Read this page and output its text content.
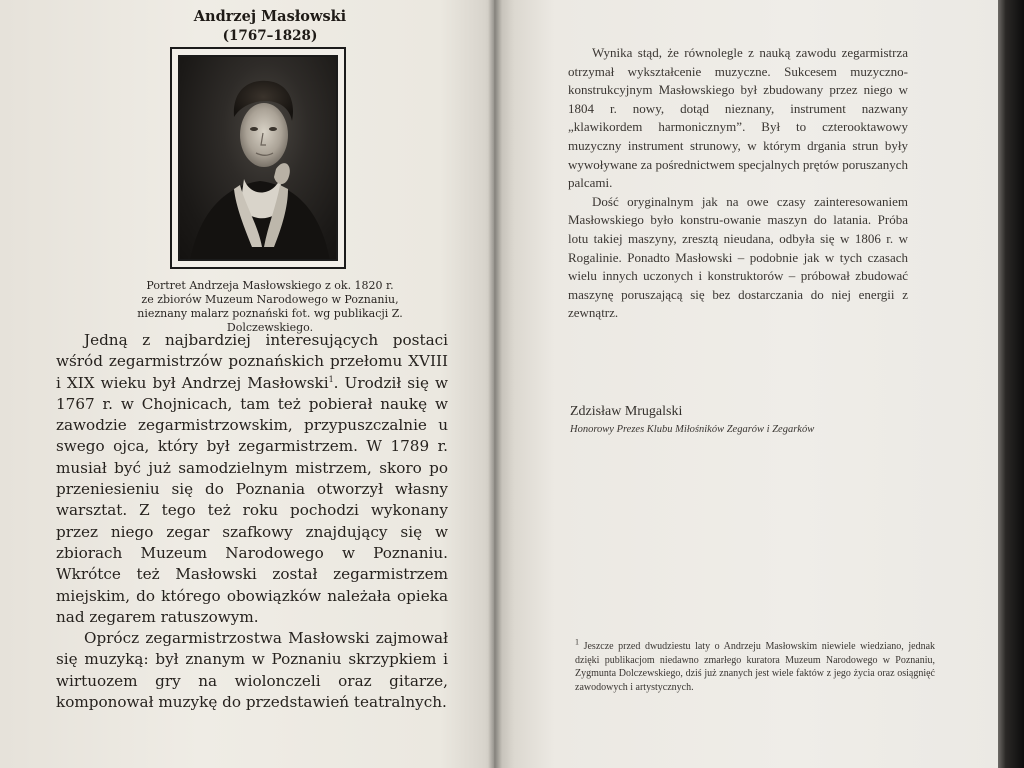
Andrzej Masłowski
(1767–1828)
Portret Andrzeja Masłowskiego z ok. 1820 r.
ze zbiorów Muzeum Narodowego w Poznaniu,
nieznany malarz poznański fot. wg publikacji Z. Dolczewskiego.

Jedną z najbardziej interesujących postaci wśród zegarmistrzów poznańskich przełomu XVIII i XIX wieku był Andrzej Masłowski$^1$. Urodził się w 1767 r. w Chojnicach, tam też pobierał naukę w zawodzie zegarmistrzowskim, przypuszczalnie u swego ojca, który był zegarmistrzem. W 1789 r. musiał być już samodzielnym mistrzem, skoro po przeniesieniu się do Poznania otworzył własny warsztat. Z tego też roku pochodzi wykonany przez niego zegar szafkowy znajdujący się w zbiorach Muzeum Narodowego w Poznaniu. Wkrótce też Masłowski został zegarmistrzem miejskim, do którego obowiązków należała opieka nad zegarem ratuszowym.

Oprócz zegarmistrzostwa Masłowski zajmował się muzyką: był znanym w Poznaniu skrzypkiem i wirtuozem gry na wiolonczeli oraz gitarze, komponował muzykę do przedstawień teatralnych.

Wynika stąd, że równolegle z nauką zawodu zegarmistrza otrzymał wykształcenie muzyczne. Sukcesem muzyczno-konstrukcyjnym Masłowskiego był zbudowany przez niego w 1804 r. nowy, dotąd nieznany, instrument nazwany „klawikordem harmonicznym”. Był to czterooktawowy muzyczny instrument strunowy, w którym drgania strun były wywoływane za pośrednictwem specjalnych prętów poruszanych palcami.

Dość oryginalnym jak na owe czasy zainteresowaniem Masłowskiego było konstru-owanie maszyn do latania. Próba lotu takiej maszyny, zresztą nieudana, odbyła się w 1806 r. w Rogalinie. Ponadto Masłowski – podobnie jak w tych czasach wielu innych uczonych i konstruktorów – próbował zbudować maszynę poruszającą się bez dostarczania do niej energii z zewnątrz.

Zdzisław Mrugalski
Honorowy Prezes Klubu Miłośników Zegarów i Zegarków
$^1$ Jeszcze przed dwudziestu laty o Andrzeju Masłowskim niewiele wiedziano, jednak dzięki publikacjom niedawno zmarłego kuratora Muzeum Narodowego w Poznaniu, Zygmunta Dolczewskiego, dziś już znanych jest wiele faktów z jego życia oraz osiągnięć zawodowych i artystycznych.
